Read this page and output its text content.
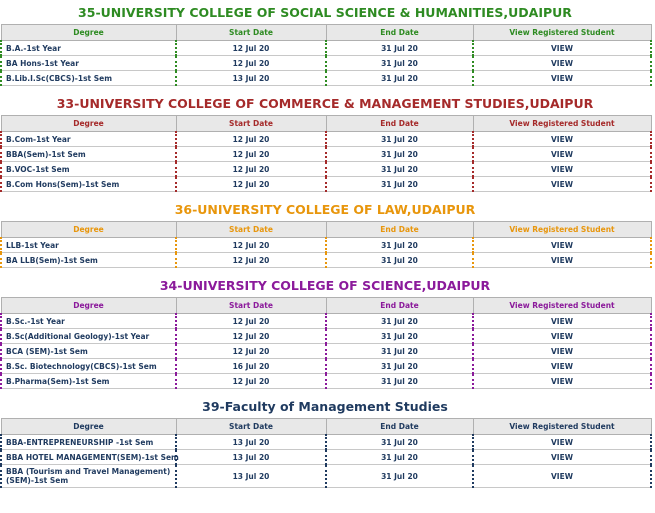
35-UNIVERSITY COLLEGE OF SOCIAL SCIENCE & HUMANITIES,UDAIPUR
Degree	Start Date	End Date	View Registered Student
B.A.-1st Year	12 Jul 20	31 Jul 20	VIEW
BA Hons-1st Year	12 Jul 20	31 Jul 20	VIEW
B.Lib.I.Sc(CBCS)-1st Sem	13 Jul 20	31 Jul 20	VIEW
33-UNIVERSITY COLLEGE OF COMMERCE & MANAGEMENT STUDIES,UDAIPUR
Degree	Start Date	End Date	View Registered Student
B.Com-1st Year	12 Jul 20	31 Jul 20	VIEW
BBA(Sem)-1st Sem	12 Jul 20	31 Jul 20	VIEW
B.VOC-1st Sem	12 Jul 20	31 Jul 20	VIEW
B.Com Hons(Sem)-1st Sem	12 Jul 20	31 Jul 20	VIEW
36-UNIVERSITY COLLEGE OF LAW,UDAIPUR
Degree	Start Date	End Date	View Registered Student
LLB-1st Year	12 Jul 20	31 Jul 20	VIEW
BA LLB(Sem)-1st Sem	12 Jul 20	31 Jul 20	VIEW
34-UNIVERSITY COLLEGE OF SCIENCE,UDAIPUR
Degree	Start Date	End Date	View Registered Student
B.Sc.-1st Year	12 Jul 20	31 Jul 20	VIEW
B.Sc(Additional Geology)-1st Year	12 Jul 20	31 Jul 20	VIEW
BCA (SEM)-1st Sem	12 Jul 20	31 Jul 20	VIEW
B.Sc. Biotechnology(CBCS)-1st Sem	16 Jul 20	31 Jul 20	VIEW
B.Pharma(Sem)-1st Sem	12 Jul 20	31 Jul 20	VIEW
39-Faculty of Management Studies
Degree	Start Date	End Date	View Registered Student
BBA-ENTREPRENEURSHIP -1st Sem	13 Jul 20	31 Jul 20	VIEW
BBA HOTEL MANAGEMENT(SEM)-1st Sem	13 Jul 20	31 Jul 20	VIEW
BBA (Tourism and Travel Management)(SEM)-1st Sem	13 Jul 20	31 Jul 20	VIEW
